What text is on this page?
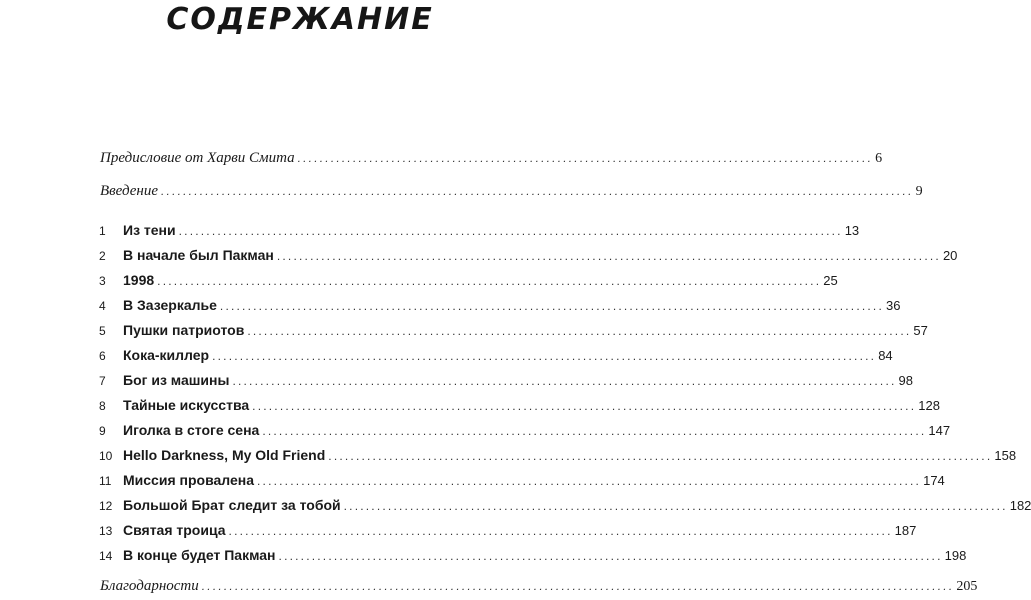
СОДЕРЖАНИЕ
Предисловие от Харви Смита ........................................................................................................ 6
Введение ........................................................................................................................................ 9
1	Из тени ........................................................................................................................ 13
2	В начале был Пакман ........................................................................................................................ 20
3	1998 ........................................................................................................................ 25
4	В Зазеркалье ........................................................................................................................ 36
5	Пушки патриотов ........................................................................................................................ 57
6	Кока-киллер ........................................................................................................................ 84
7	Бог из машины ........................................................................................................................ 98
8	Тайные искусства ........................................................................................................................ 128
9	Иголка в стоге сена ........................................................................................................................ 147
10 Hello Darkness, My Old Friend ........................................................................................................................ 158
11 Миссия провалена ........................................................................................................................ 174
12 Большой Брат следит за тобой ........................................................................................................................ 182
13 Святая троица ........................................................................................................................ 187
14 В конце будет Пакман ........................................................................................................................ 198
Благодарности ........................................................................................................................................ 205
